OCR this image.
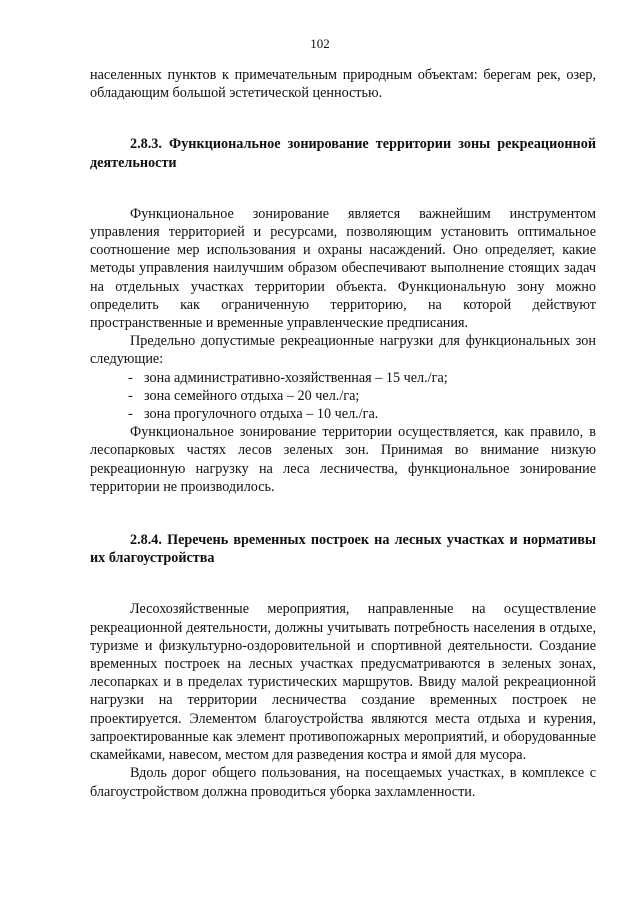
102

населенных пунктов к примечательным природным объектам: берегам рек, озер, обладающим большой эстетической ценностью.

2.8.3. Функциональное зонирование территории зоны рекреационной деятельности

Функциональное зонирование является важнейшим инструментом управления территорией и ресурсами, позволяющим установить оптимальное соотношение мер использования и охраны насаждений. Оно определяет, какие методы управления наилучшим образом обеспечивают выполнение стоящих задач на отдельных участках территории объекта. Функциональную зону можно определить как ограниченную территорию, на которой действуют пространственные и временные управленческие предписания.

Предельно допустимые рекреационные нагрузки для функциональных зон следующие:

- зона административно-хозяйственная – 15 чел./га;
- зона семейного отдыха – 20 чел./га;
- зона прогулочного отдыха – 10 чел./га.

Функциональное зонирование территории осуществляется, как правило, в лесопарковых частях лесов зеленых зон. Принимая во внимание низкую рекреационную нагрузку на леса лесничества, функциональное зонирование территории не производилось.

2.8.4. Перечень временных построек на лесных участках и нормативы их благоустройства

Лесохозяйственные мероприятия, направленные на осуществление рекреационной деятельности, должны учитывать потребность населения в отдыхе, туризме и физкультурно-оздоровительной и спортивной деятельности. Создание временных построек на лесных участках предусматриваются в зеленых зонах, лесопарках и в пределах туристических маршрутов. Ввиду малой рекреационной нагрузки на территории лесничества создание временных построек не проектируется. Элементом благоустройства являются места отдыха и курения, запроектированные как элемент противопожарных мероприятий, и оборудованные скамейками, навесом, местом для разведения костра и ямой для мусора.

Вдоль дорог общего пользования, на посещаемых участках, в комплексе с благоустройством должна проводиться уборка захламленности.
